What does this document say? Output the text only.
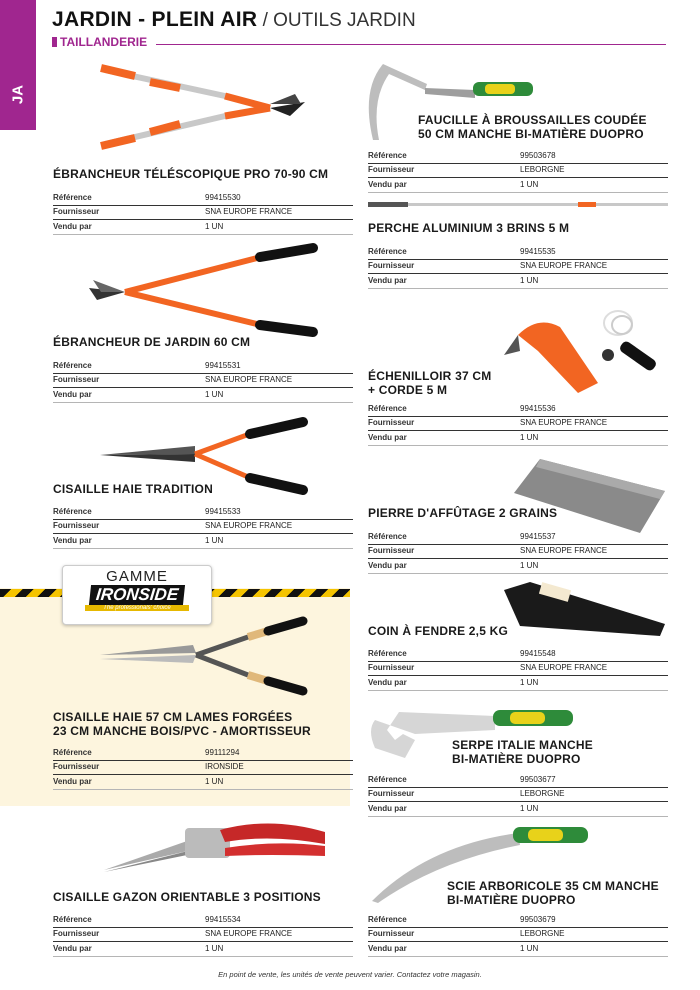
JA
JARDIN - PLEIN AIR / OUTILS JARDIN
TAILLANDERIE
GAMME
IRONSIDE
The professionals' choice
ÉBRANCHEUR TÉLÉSCOPIQUE PRO 70-90 CM
Référence	99415530
Fournisseur	SNA EUROPE FRANCE
Vendu par	1 UN
ÉBRANCHEUR DE JARDIN 60 CM
Référence	99415531
Fournisseur	SNA EUROPE FRANCE
Vendu par	1 UN
CISAILLE HAIE TRADITION
Référence	99415533
Fournisseur	SNA EUROPE FRANCE
Vendu par	1 UN
CISAILLE HAIE 57 CM LAMES FORGÉES
23 CM MANCHE BOIS/PVC - AMORTISSEUR
Référence	99111294
Fournisseur	IRONSIDE
Vendu par	1 UN
CISAILLE GAZON ORIENTABLE 3 POSITIONS
Référence	99415534
Fournisseur	SNA EUROPE FRANCE
Vendu par	1 UN
FAUCILLE À BROUSSAILLES COUDÉE
50 CM MANCHE BI-MATIÈRE DUOPRO
Référence	99503678
Fournisseur	LEBORGNE
Vendu par	1 UN
PERCHE ALUMINIUM 3 BRINS 5 M
Référence	99415535
Fournisseur	SNA EUROPE FRANCE
Vendu par	1 UN
ÉCHENILLOIR 37 CM
+ CORDE 5 M
Référence	99415536
Fournisseur	SNA EUROPE FRANCE
Vendu par	1 UN
PIERRE D'AFFÛTAGE 2 GRAINS
Référence	99415537
Fournisseur	SNA EUROPE FRANCE
Vendu par	1 UN
COIN À FENDRE 2,5 KG
Référence	99415548
Fournisseur	SNA EUROPE FRANCE
Vendu par	1 UN
SERPE ITALIE MANCHE
BI-MATIÈRE DUOPRO
Référence	99503677
Fournisseur	LEBORGNE
Vendu par	1 UN
SCIE ARBORICOLE 35 CM MANCHE
BI-MATIÈRE DUOPRO
Référence	99503679
Fournisseur	LEBORGNE
Vendu par	1 UN
En point de vente, les unités de vente peuvent varier. Contactez votre magasin.
